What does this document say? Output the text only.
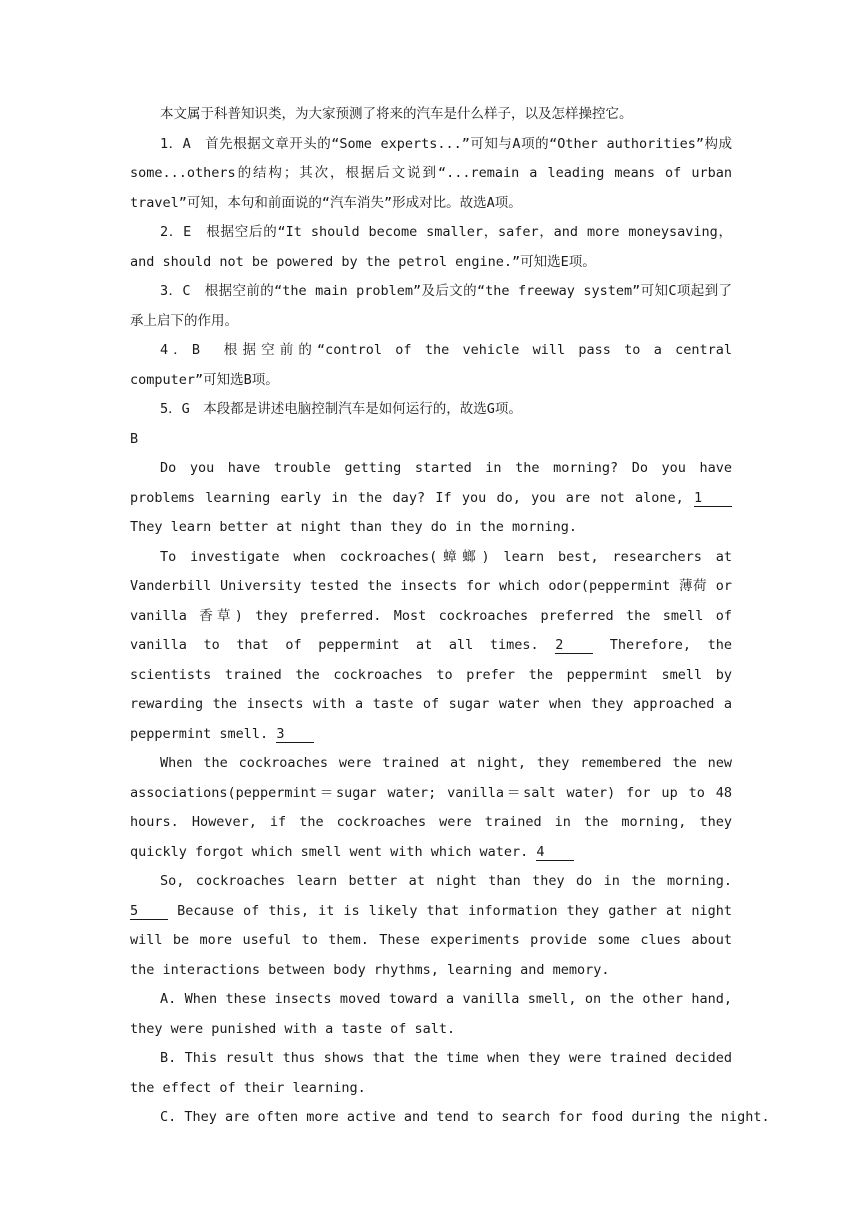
本文属于科普知识类，为大家预测了将来的汽车是什么样子，以及怎样操控它。

1．A　首先根据文章开头的“Some experts...”可知与A项的“Other authorities”构成some...others的结构；其次，根据后文说到“...remain a leading means of urban travel”可知，本句和前面说的“汽车消失”形成对比。故选A项。

2．E　根据空后的“It should become smaller，safer，and more moneysaving，and should not be powered by the petrol engine.”可知选E项。

3．C　根据空前的“the main problem”及后文的“the freeway system”可知C项起到了承上启下的作用。

4．B　根据空前的“control of the vehicle will pass to a central computer”可知选B项。

5．G　本段都是讲述电脑控制汽车是如何运行的，故选G项。

B

Do you have trouble getting started in the morning? Do you have problems learning early in the day? If you do, you are not alone, 1 They learn better at night than they do in the morning.

To investigate when cockroaches(蟑螂) learn best, researchers at Vanderbill University tested the insects for which odor(peppermint 薄荷 or vanilla 香草) they preferred. Most cockroaches preferred the smell of vanilla to that of peppermint at all times. 2 Therefore, the scientists trained the cockroaches to prefer the peppermint smell by rewarding the insects with a taste of sugar water when they approached a peppermint smell. 3

When the cockroaches were trained at night, they remembered the new associations(peppermint＝sugar water; vanilla＝salt water) for up to 48 hours. However, if the cockroaches were trained in the morning, they quickly forgot which smell went with which water. 4

So, cockroaches learn better at night than they do in the morning. 5 Because of this, it is likely that information they gather at night will be more useful to them. These experiments provide some clues about the interactions between body rhythms, learning and memory.

A. When these insects moved toward a vanilla smell, on the other hand, they were punished with a taste of salt.

B. This result thus shows that the time when they were trained decided the effect of their learning.

C. They are often more active and tend to search for food during the night.
